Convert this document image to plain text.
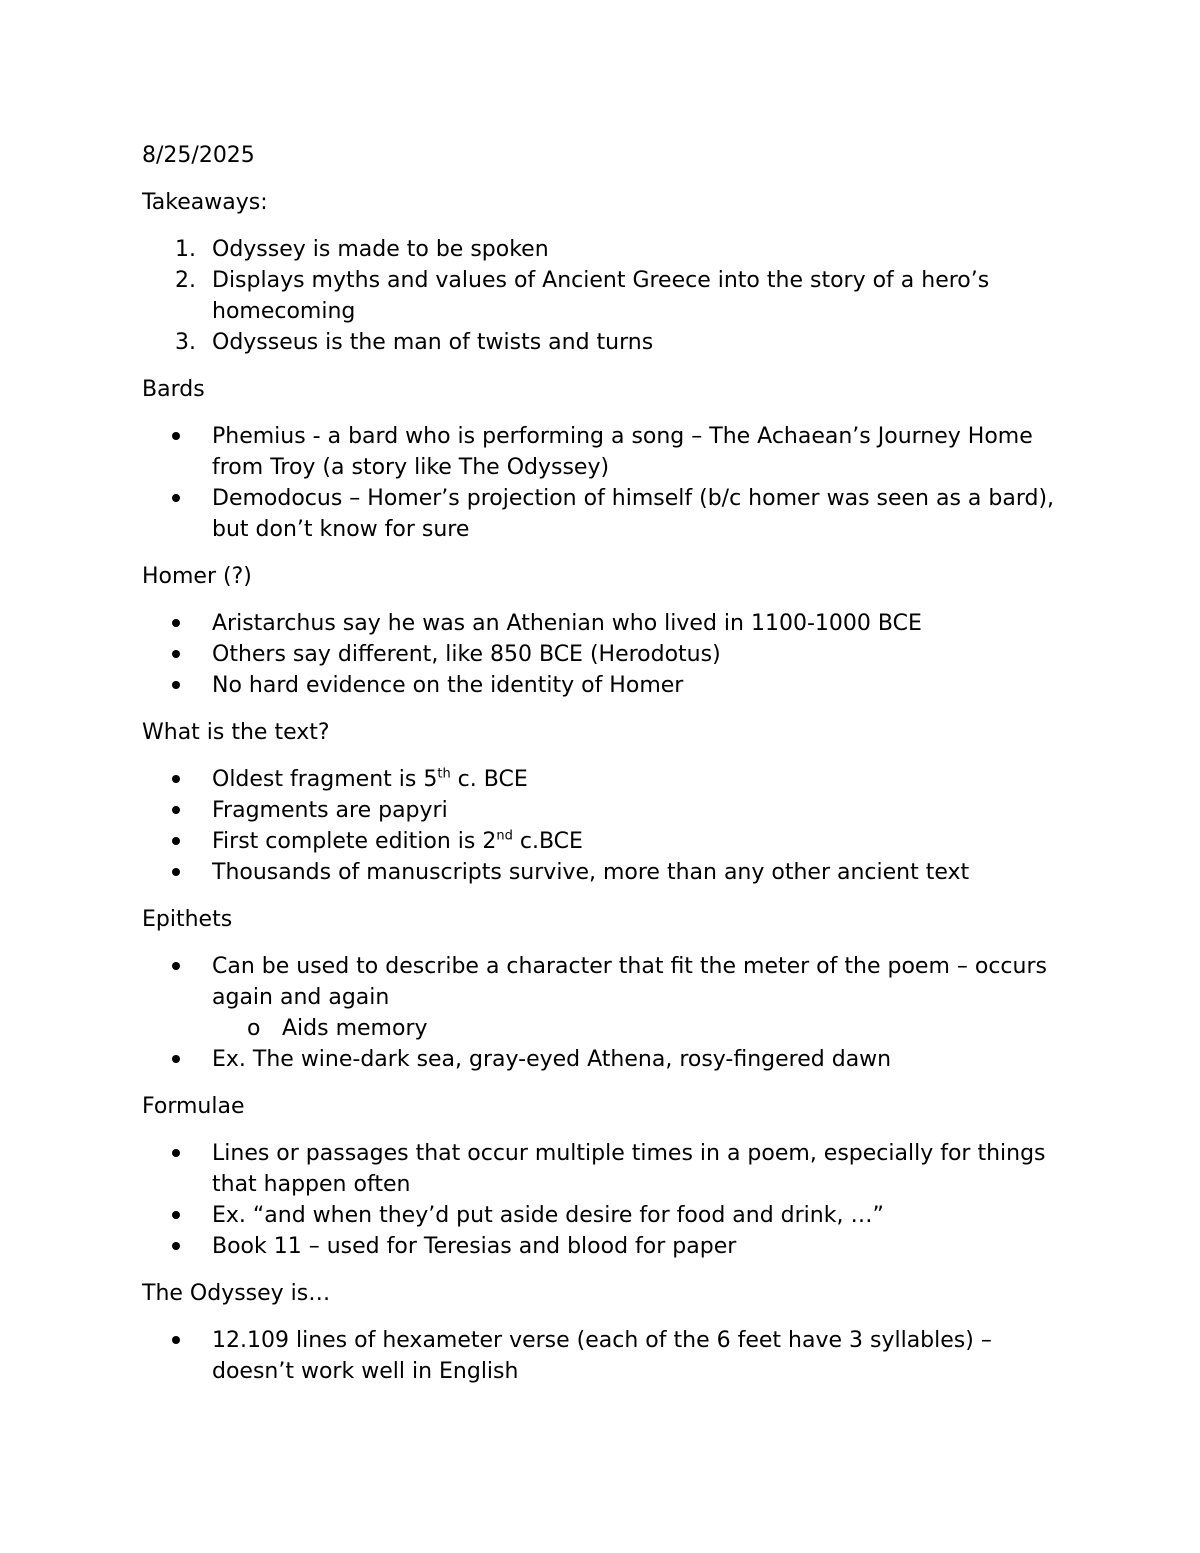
8/25/2025

Takeaways:

1. Odyssey is made to be spoken
2. Displays myths and values of Ancient Greece into the story of a hero’s homecoming
3. Odysseus is the man of twists and turns

Bards

Phemius - a bard who is performing a song – The Achaean’s Journey Home from Troy (a story like The Odyssey)
Demodocus – Homer’s projection of himself (b/c homer was seen as a bard), but don’t know for sure

Homer (?)

Aristarchus say he was an Athenian who lived in 1100-1000 BCE
Others say different, like 850 BCE (Herodotus)
No hard evidence on the identity of Homer

What is the text?

Oldest fragment is 5th c. BCE
Fragments are papyri
First complete edition is 2nd c.BCE
Thousands of manuscripts survive, more than any other ancient text

Epithets

Can be used to describe a character that fit the meter of the poem – occurs again and again
o Aids memory
Ex. The wine-dark sea, gray-eyed Athena, rosy-fingered dawn

Formulae

Lines or passages that occur multiple times in a poem, especially for things that happen often
Ex. “and when they’d put aside desire for food and drink, …”
Book 11 – used for Teresias and blood for paper

The Odyssey is…

12.109 lines of hexameter verse (each of the 6 feet have 3 syllables) – doesn’t work well in English
